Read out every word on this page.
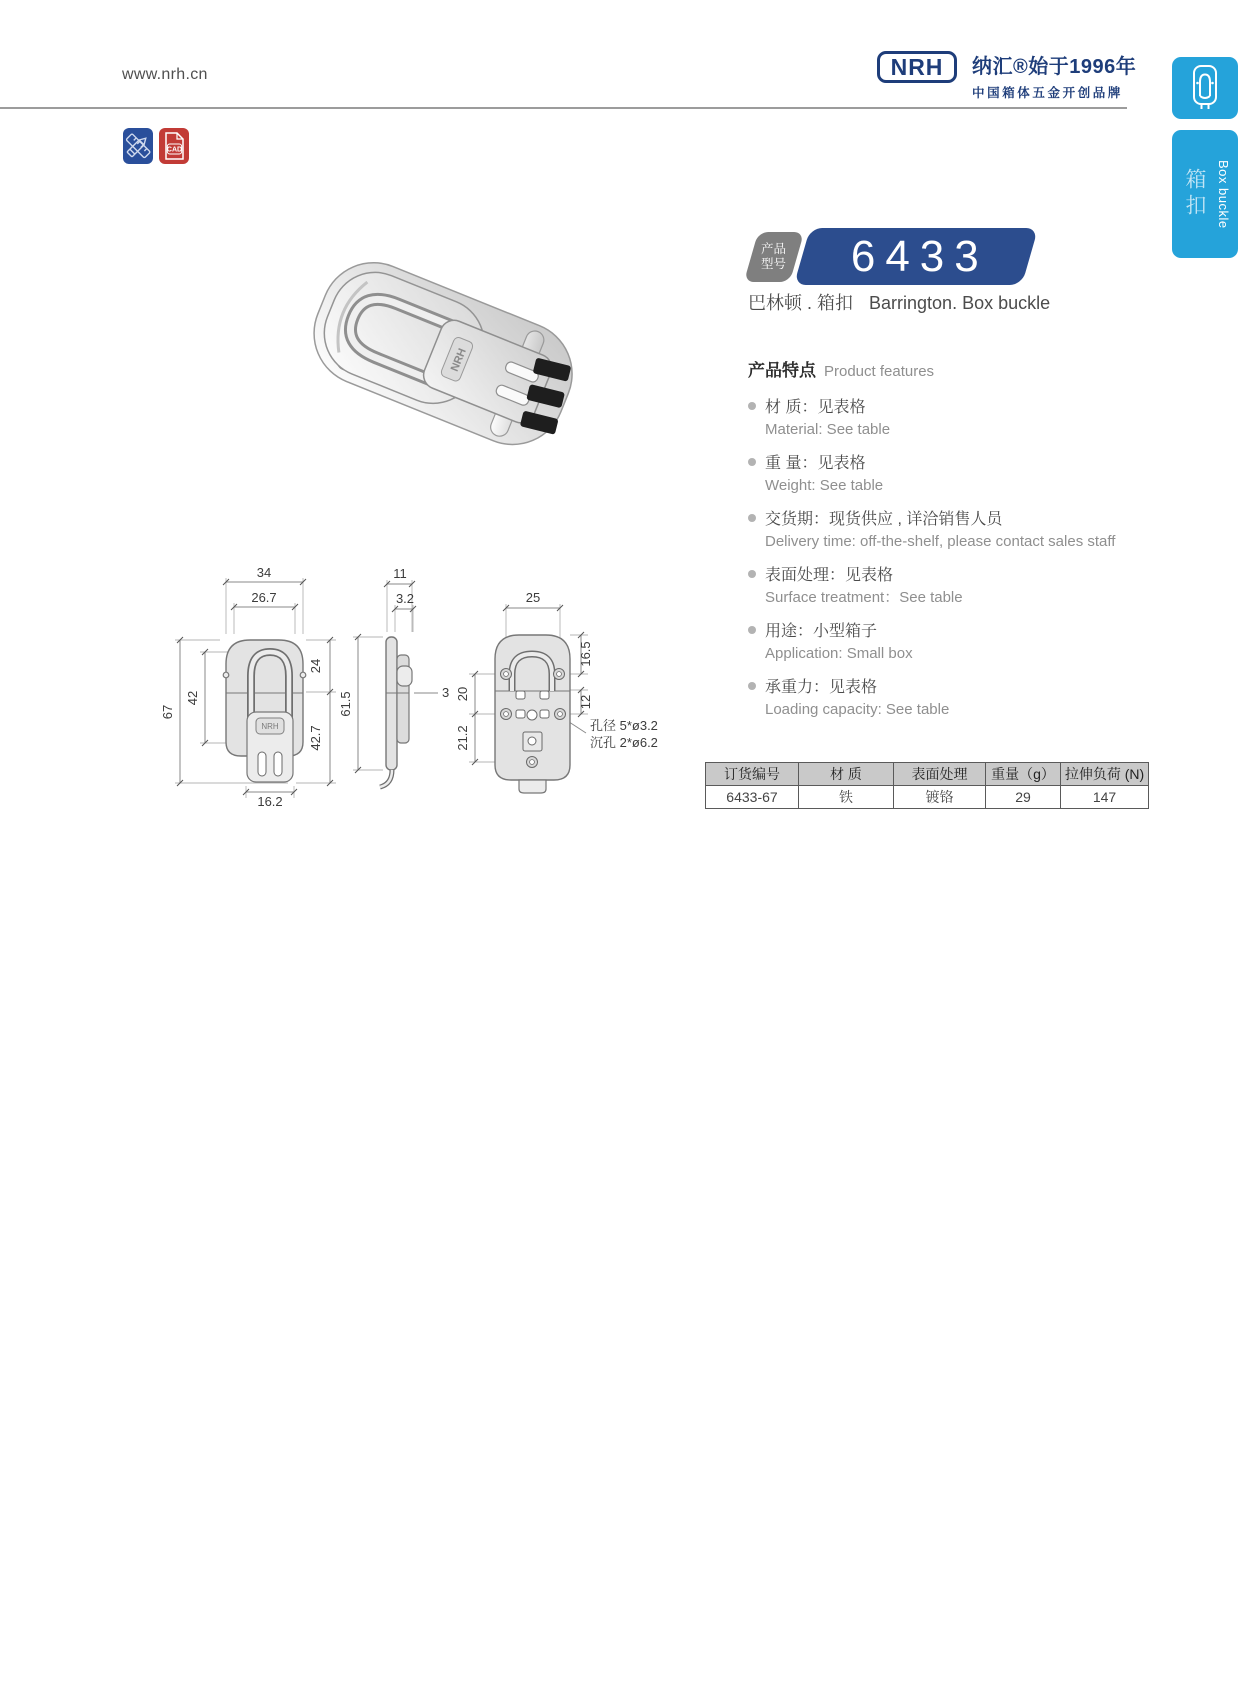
www.nrh.cn	NRH 纳汇®始于1996年
中国箱体五金开创品牌
CAD
箱扣 Box buckle
产品
型号 6433
巴林顿 . 箱扣 Barrington. Box buckle
产品特点 Product features
材 质：见表格
Material: See table
重 量：见表格
Weight: See table
交货期：现货供应 , 详洽销售人员
Delivery time: off-the-shelf, please contact sales staff
表面处理：见表格
Surface treatment：See table
用途：小型箱子
Application: Small box
承重力：见表格
Loading capacity: See table
NRH
NRH
34
26.7
67
42
24
42.7
16.2
11
3.2
61.5	3
25
16.5
12
20
21.2	孔径 5*ø3.2
沉孔 2*ø6.2
订货编号	材 质	表面处理	重量（g）	拉伸负荷 (N)
6433-67	铁	镀铬	29	147
